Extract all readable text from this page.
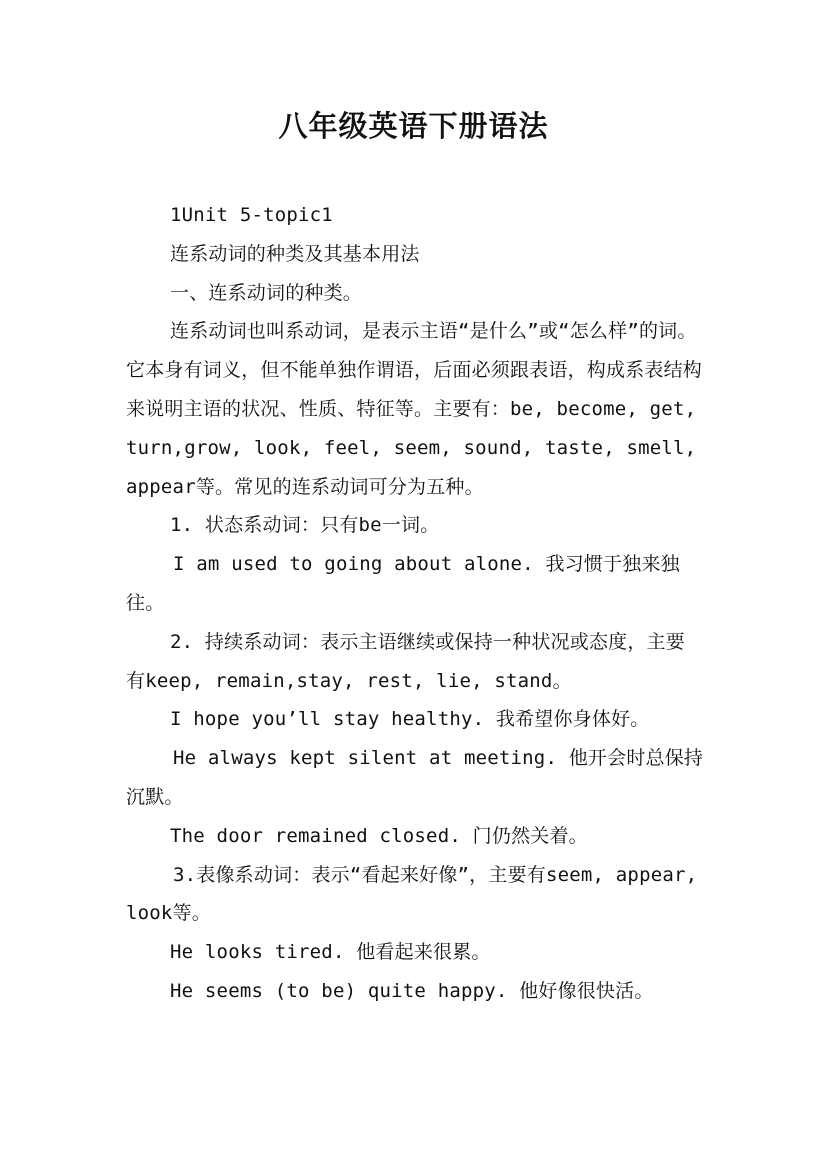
八年级英语下册语法

1Unit 5-topic1

连系动词的种类及其基本用法

一、连系动词的种类。

连系动词也叫系动词，是表示主语“是什么”或“怎么样”的词。它本身有词义，但不能单独作谓语，后面必须跟表语，构成系表结构来说明主语的状况、性质、特征等。主要有：be, become, get,turn,grow, look, feel, seem, sound, taste, smell, appear等。常见的连系动词可分为五种。

1. 状态系动词：只有be一词。

I am used to going about alone. 我习惯于独来独往。

2. 持续系动词：表示主语继续或保持一种状况或态度，主要有keep, remain,stay, rest, lie, stand。

I hope you’ll stay healthy. 我希望你身体好。

He always kept silent at meeting. 他开会时总保持沉默。

The door remained closed. 门仍然关着。

3.表像系动词：表示“看起来好像”，主要有seem, appear, look等。

He looks tired. 他看起来很累。

He seems (to be) quite happy. 他好像很快活。
